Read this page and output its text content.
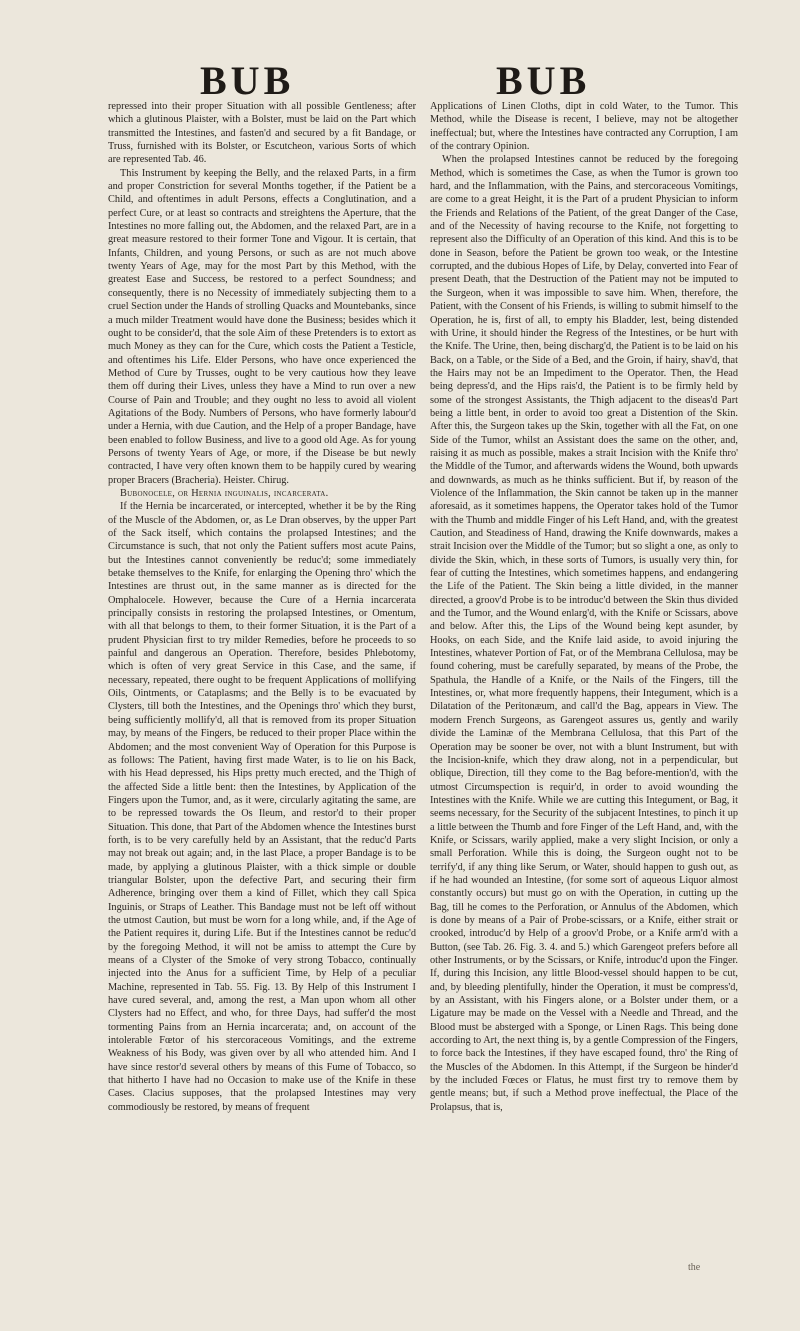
BUB	BUB

repressed into their proper Situation with all possible Gentleness; after which a glutinous Plaister, with a Bolster, must be laid on the Part which transmitted the Intestines, and fasten'd and secured by a fit Bandage, or Truss, furnished with its Bolster, or Escutcheon, various Sorts of which are represented Tab. 46.

This Instrument by keeping the Belly, and the relaxed Parts, in a firm and proper Constriction for several Months together, if the Patient be a Child, and oftentimes in adult Persons, effects a Conglutination, and a perfect Cure, or at least so contracts and streightens the Aperture, that the Intestines no more falling out, the Abdomen, and the relaxed Part, are in a great measure restored to their former Tone and Vigour. It is certain, that Infants, Children, and young Persons, or such as are not much above twenty Years of Age, may for the most Part by this Method, with the greatest Ease and Success, be restored to a perfect Soundness; and consequently, there is no Necessity of immediately subjecting them to a cruel Section under the Hands of strolling Quacks and Mountebanks, since a much milder Treatment would have done the Business; besides which it ought to be consider'd, that the sole Aim of these Pretenders is to extort as much Money as they can for the Cure, which costs the Patient a Testicle, and oftentimes his Life. Elder Persons, who have once experienced the Method of Cure by Trusses, ought to be very cautious how they leave them off during their Lives, unless they have a Mind to run over a new Course of Pain and Trouble; and they ought no less to avoid all violent Agitations of the Body. Numbers of Persons, who have formerly labour'd under a Hernia, with due Caution, and the Help of a proper Bandage, have been enabled to follow Business, and live to a good old Age. As for young Persons of twenty Years of Age, or more, if the Disease be but newly contracted, I have very often known them to be happily cured by wearing proper Bracers (Bracheria). Heister. Chirug.

Bubonocele, or Hernia inguinalis, incarcerata.

If the Hernia be incarcerated, or intercepted, whether it be by the Ring of the Muscle of the Abdomen, or, as Le Dran observes, by the upper Part of the Sack itself, which contains the prolapsed Intestines; and the Circumstance is such, that not only the Patient suffers most acute Pains, but the Intestines cannot conveniently be reduc'd; some immediately betake themselves to the Knife, for enlarging the Opening thro' which the Intestines are thrust out, in the same manner as is directed for the Omphalocele. However, because the Cure of a Hernia incarcerata principally consists in restoring the prolapsed Intestines, or Omentum, with all that belongs to them, to their former Situation, it is the Part of a prudent Physician first to try milder Remedies, before he proceeds to so painful and dangerous an Operation. Therefore, besides Phlebotomy, which is often of very great Service in this Case, and the same, if necessary, repeated, there ought to be frequent Applications of mollifying Oils, Ointments, or Cataplasms; and the Belly is to be evacuated by Clysters, till both the Intestines, and the Openings thro' which they burst, being sufficiently mollify'd, all that is removed from its proper Situation may, by means of the Fingers, be reduced to their proper Place within the Abdomen; and the most convenient Way of Operation for this Purpose is as follows: The Patient, having first made Water, is to lie on his Back, with his Head depressed, his Hips pretty much erected, and the Thigh of the affected Side a little bent: then the Intestines, by Application of the Fingers upon the Tumor, and, as it were, circularly agitating the same, are to be repressed towards the Os Ileum, and restor'd to their proper Situation. This done, that Part of the Abdomen whence the Intestines burst forth, is to be very carefully held by an Assistant, that the reduc'd Parts may not break out again; and, in the last Place, a proper Bandage is to be made, by applying a glutinous Plaister, with a thick simple or double triangular Bolster, upon the defective Part, and securing their firm Adherence, bringing over them a kind of Fillet, which they call Spica Inguinis, or Straps of Leather. This Bandage must not be left off without the utmost Caution, but must be worn for a long while, and, if the Age of the Patient requires it, during Life. But if the Intestines cannot be reduc'd by the foregoing Method, it will not be amiss to attempt the Cure by means of a Clyster of the Smoke of very strong Tobacco, continually injected into the Anus for a sufficient Time, by Help of a peculiar Machine, represented in Tab. 55. Fig. 13. By Help of this Instrument I have cured several, and, among the rest, a Man upon whom all other Clysters had no Effect, and who, for three Days, had suffer'd the most tormenting Pains from an Hernia incarcerata; and, on account of the intolerable Fœtor of his stercoraceous Vomitings, and the extreme Weakness of his Body, was given over by all who attended him. And I have since restor'd several others by means of this Fume of Tobacco, so that hitherto I have had no Occasion to make use of the Knife in these Cases. Clacius supposes, that the prolapsed Intestines may very commodiously be restored, by means of frequent

Applications of Linen Cloths, dipt in cold Water, to the Tumor. This Method, while the Disease is recent, I believe, may not be altogether ineffectual; but, where the Intestines have contracted any Corruption, I am of the contrary Opinion.

When the prolapsed Intestines cannot be reduced by the foregoing Method, which is sometimes the Case, as when the Tumor is grown too hard, and the Inflammation, with the Pains, and stercoraceous Vomitings, are come to a great Height, it is the Part of a prudent Physician to inform the Friends and Relations of the Patient, of the great Danger of the Case, and of the Necessity of having recourse to the Knife, not forgetting to represent also the Difficulty of an Operation of this kind. And this is to be done in Season, before the Patient be grown too weak, or the Intestine corrupted, and the dubious Hopes of Life, by Delay, converted into Fear of present Death, that the Destruction of the Patient may not be imputed to the Surgeon, when it was impossible to save him. When, therefore, the Patient, with the Consent of his Friends, is willing to submit himself to the Operation, he is, first of all, to empty his Bladder, lest, being distended with Urine, it should hinder the Regress of the Intestines, or be hurt with the Knife. The Urine, then, being discharg'd, the Patient is to be laid on his Back, on a Table, or the Side of a Bed, and the Groin, if hairy, shav'd, that the Hairs may not be an Impediment to the Operator. Then, the Head being depress'd, and the Hips rais'd, the Patient is to be firmly held by some of the strongest Assistants, the Thigh adjacent to the diseas'd Part being a little bent, in order to avoid too great a Distention of the Skin. After this, the Surgeon takes up the Skin, together with all the Fat, on one Side of the Tumor, whilst an Assistant does the same on the other, and, raising it as much as possible, makes a strait Incision with the Knife thro' the Middle of the Tumor, and afterwards widens the Wound, both upwards and downwards, as much as he thinks sufficient. But if, by reason of the Violence of the Inflammation, the Skin cannot be taken up in the manner aforesaid, as it sometimes happens, the Operator takes hold of the Tumor with the Thumb and middle Finger of his Left Hand, and, with the greatest Caution, and Steadiness of Hand, drawing the Knife downwards, makes a strait Incision over the Middle of the Tumor; but so slight a one, as only to divide the Skin, which, in these sorts of Tumors, is usually very thin, for fear of cutting the Intestines, which sometimes happens, and endangering the Life of the Patient. The Skin being a little divided, in the manner directed, a groov'd Probe is to be introduc'd between the Skin thus divided and the Tumor, and the Wound enlarg'd, with the Knife or Scissars, above and below. After this, the Lips of the Wound being kept asunder, by Hooks, on each Side, and the Knife laid aside, to avoid injuring the Intestines, whatever Portion of Fat, or of the Membrana Cellulosa, may be found cohering, must be carefully separated, by means of the Probe, the Spathula, the Handle of a Knife, or the Nails of the Fingers, till the Intestines, or, what more frequently happens, their Integument, which is a Dilatation of the Peritonæum, and call'd the Bag, appears in View. The modern French Surgeons, as Garengeot assures us, gently and warily divide the Laminæ of the Membrana Cellulosa, that this Part of the Operation may be sooner be over, not with a blunt Instrument, but with the Incision-knife, which they draw along, not in a perpendicular, but oblique, Direction, till they come to the Bag before-mention'd, with the utmost Circumspection is requir'd, in order to avoid wounding the Intestines with the Knife. While we are cutting this Integument, or Bag, it seems necessary, for the Security of the subjacent Intestines, to pinch it up a little between the Thumb and fore Finger of the Left Hand, and, with the Knife, or Scissars, warily applied, make a very slight Incision, or only a small Perforation. While this is doing, the Surgeon ought not to be terrify'd, if any thing like Serum, or Water, should happen to gush out, as if he had wounded an Intestine, (for some sort of aqueous Liquor almost constantly occurs) but must go on with the Operation, in cutting up the Bag, till he comes to the Perforation, or Annulus of the Abdomen, which is done by means of a Pair of Probe-scissars, or a Knife, either strait or crooked, introduc'd by Help of a groov'd Probe, or a Knife arm'd with a Button, (see Tab. 26. Fig. 3. 4. and 5.) which Garengeot prefers before all other Instruments, or by the Scissars, or Knife, introduc'd upon the Finger. If, during this Incision, any little Blood-vessel should happen to be cut, and, by bleeding plentifully, hinder the Operation, it must be compress'd, by an Assistant, with his Fingers alone, or a Bolster under them, or a Ligature may be made on the Vessel with a Needle and Thread, and the Blood must be absterged with a Sponge, or Linen Rags. This being done according to Art, the next thing is, by a gentle Compression of the Fingers, to force back the Intestines, if they have escaped found, thro' the Ring of the Muscles of the Abdomen. In this Attempt, if the Surgeon be hinder'd by the included Fœces or Flatus, he must first try to remove them by gentle means; but, if such a Method prove ineffectual, the Place of the Prolapsus, that is,

the
